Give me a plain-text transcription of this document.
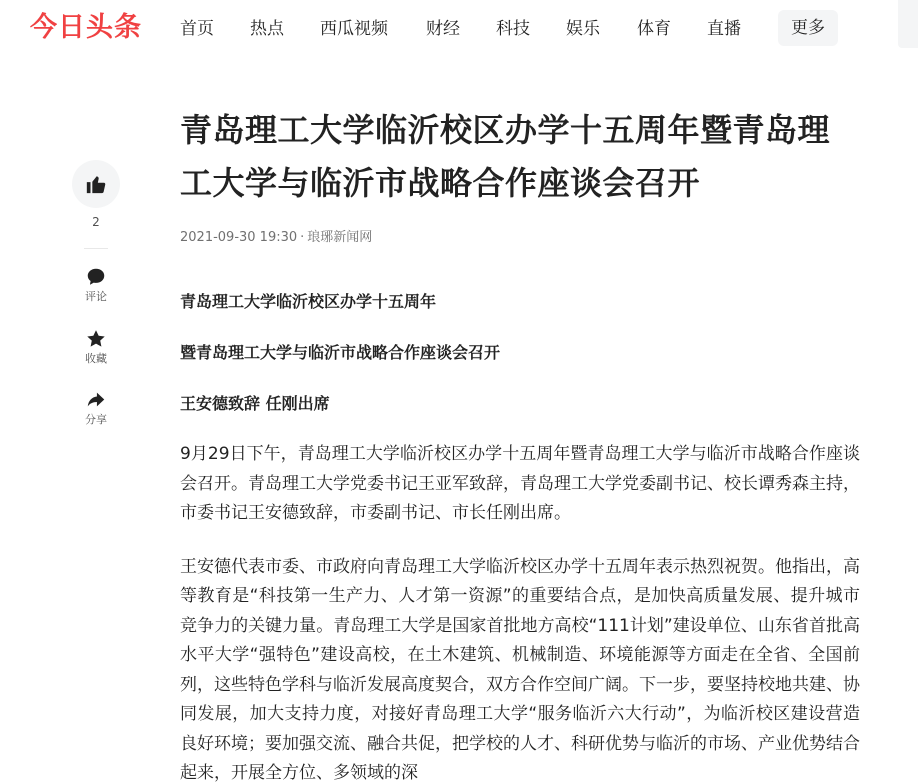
今日头条 首页 热点 西瓜视频 财经 科技 娱乐 体育 直播	更多
2
评论
收藏
分享
青岛理工大学临沂校区办学十五周年暨青岛理工大学与临沂市战略合作座谈会召开
2021-09-30 19:30 · 琅琊新闻网
青岛理工大学临沂校区办学十五周年
暨青岛理工大学与临沂市战略合作座谈会召开
王安德致辞 任刚出席

9月29日下午，青岛理工大学临沂校区办学十五周年暨青岛理工大学与临沂市战略合作座谈会召开。青岛理工大学党委书记王亚军致辞，青岛理工大学党委副书记、校长谭秀森主持，市委书记王安德致辞，市委副书记、市长任刚出席。

王安德代表市委、市政府向青岛理工大学临沂校区办学十五周年表示热烈祝贺。他指出，高等教育是“科技第一生产力、人才第一资源”的重要结合点，是加快高质量发展、提升城市竞争力的关键力量。青岛理工大学是国家首批地方高校“111计划”建设单位、山东省首批高水平大学“强特色”建设高校，在土木建筑、机械制造、环境能源等方面走在全省、全国前列，这些特色学科与临沂发展高度契合，双方合作空间广阔。下一步，要坚持校地共建、协同发展，加大支持力度，对接好青岛理工大学“服务临沂六大行动”，为临沂校区建设营造良好环境；要加强交流、融合共促，把学校的人才、科研优势与临沂的市场、产业优势结合起来，开展全方位、多领域的深
